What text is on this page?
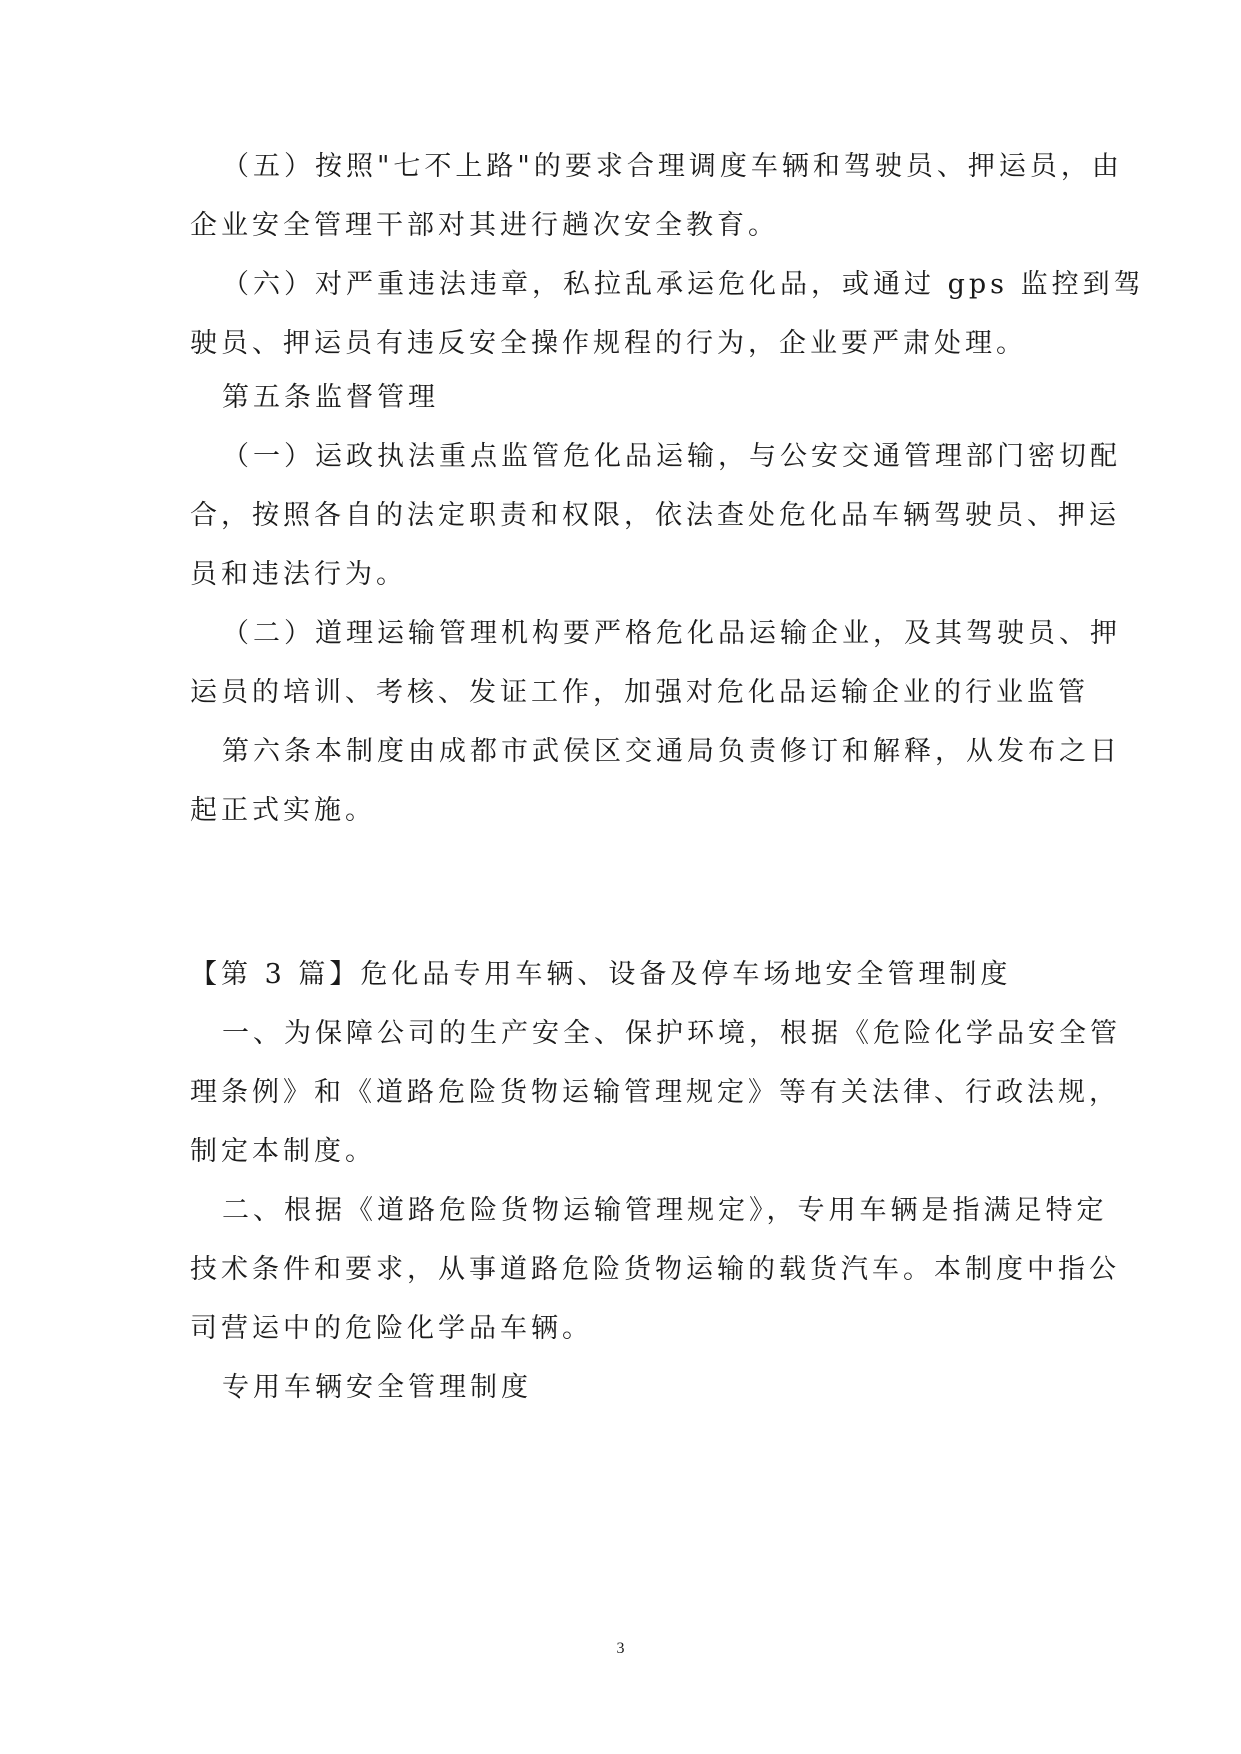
（五）按照"七不上路"的要求合理调度车辆和驾驶员、押运员，由
企业安全管理干部对其进行趟次安全教育。
（六）对严重违法违章，私拉乱承运危化品，或通过 gps 监控到驾
驶员、押运员有违反安全操作规程的行为，企业要严肃处理。
第五条监督管理
（一）运政执法重点监管危化品运输，与公安交通管理部门密切配
合，按照各自的法定职责和权限，依法查处危化品车辆驾驶员、押运
员和违法行为。
（二）道理运输管理机构要严格危化品运输企业，及其驾驶员、押
运员的培训、考核、发证工作，加强对危化品运输企业的行业监管
第六条本制度由成都市武侯区交通局负责修订和解释，从发布之日
起正式实施。
【第 3 篇】危化品专用车辆、设备及停车场地安全管理制度
一、为保障公司的生产安全、保护环境，根据《危险化学品安全管
理条例》和《道路危险货物运输管理规定》等有关法律、行政法规，
制定本制度。
二、根据《道路危险货物运输管理规定》，专用车辆是指满足特定
技术条件和要求，从事道路危险货物运输的载货汽车。本制度中指公
司营运中的危险化学品车辆。
专用车辆安全管理制度
3
